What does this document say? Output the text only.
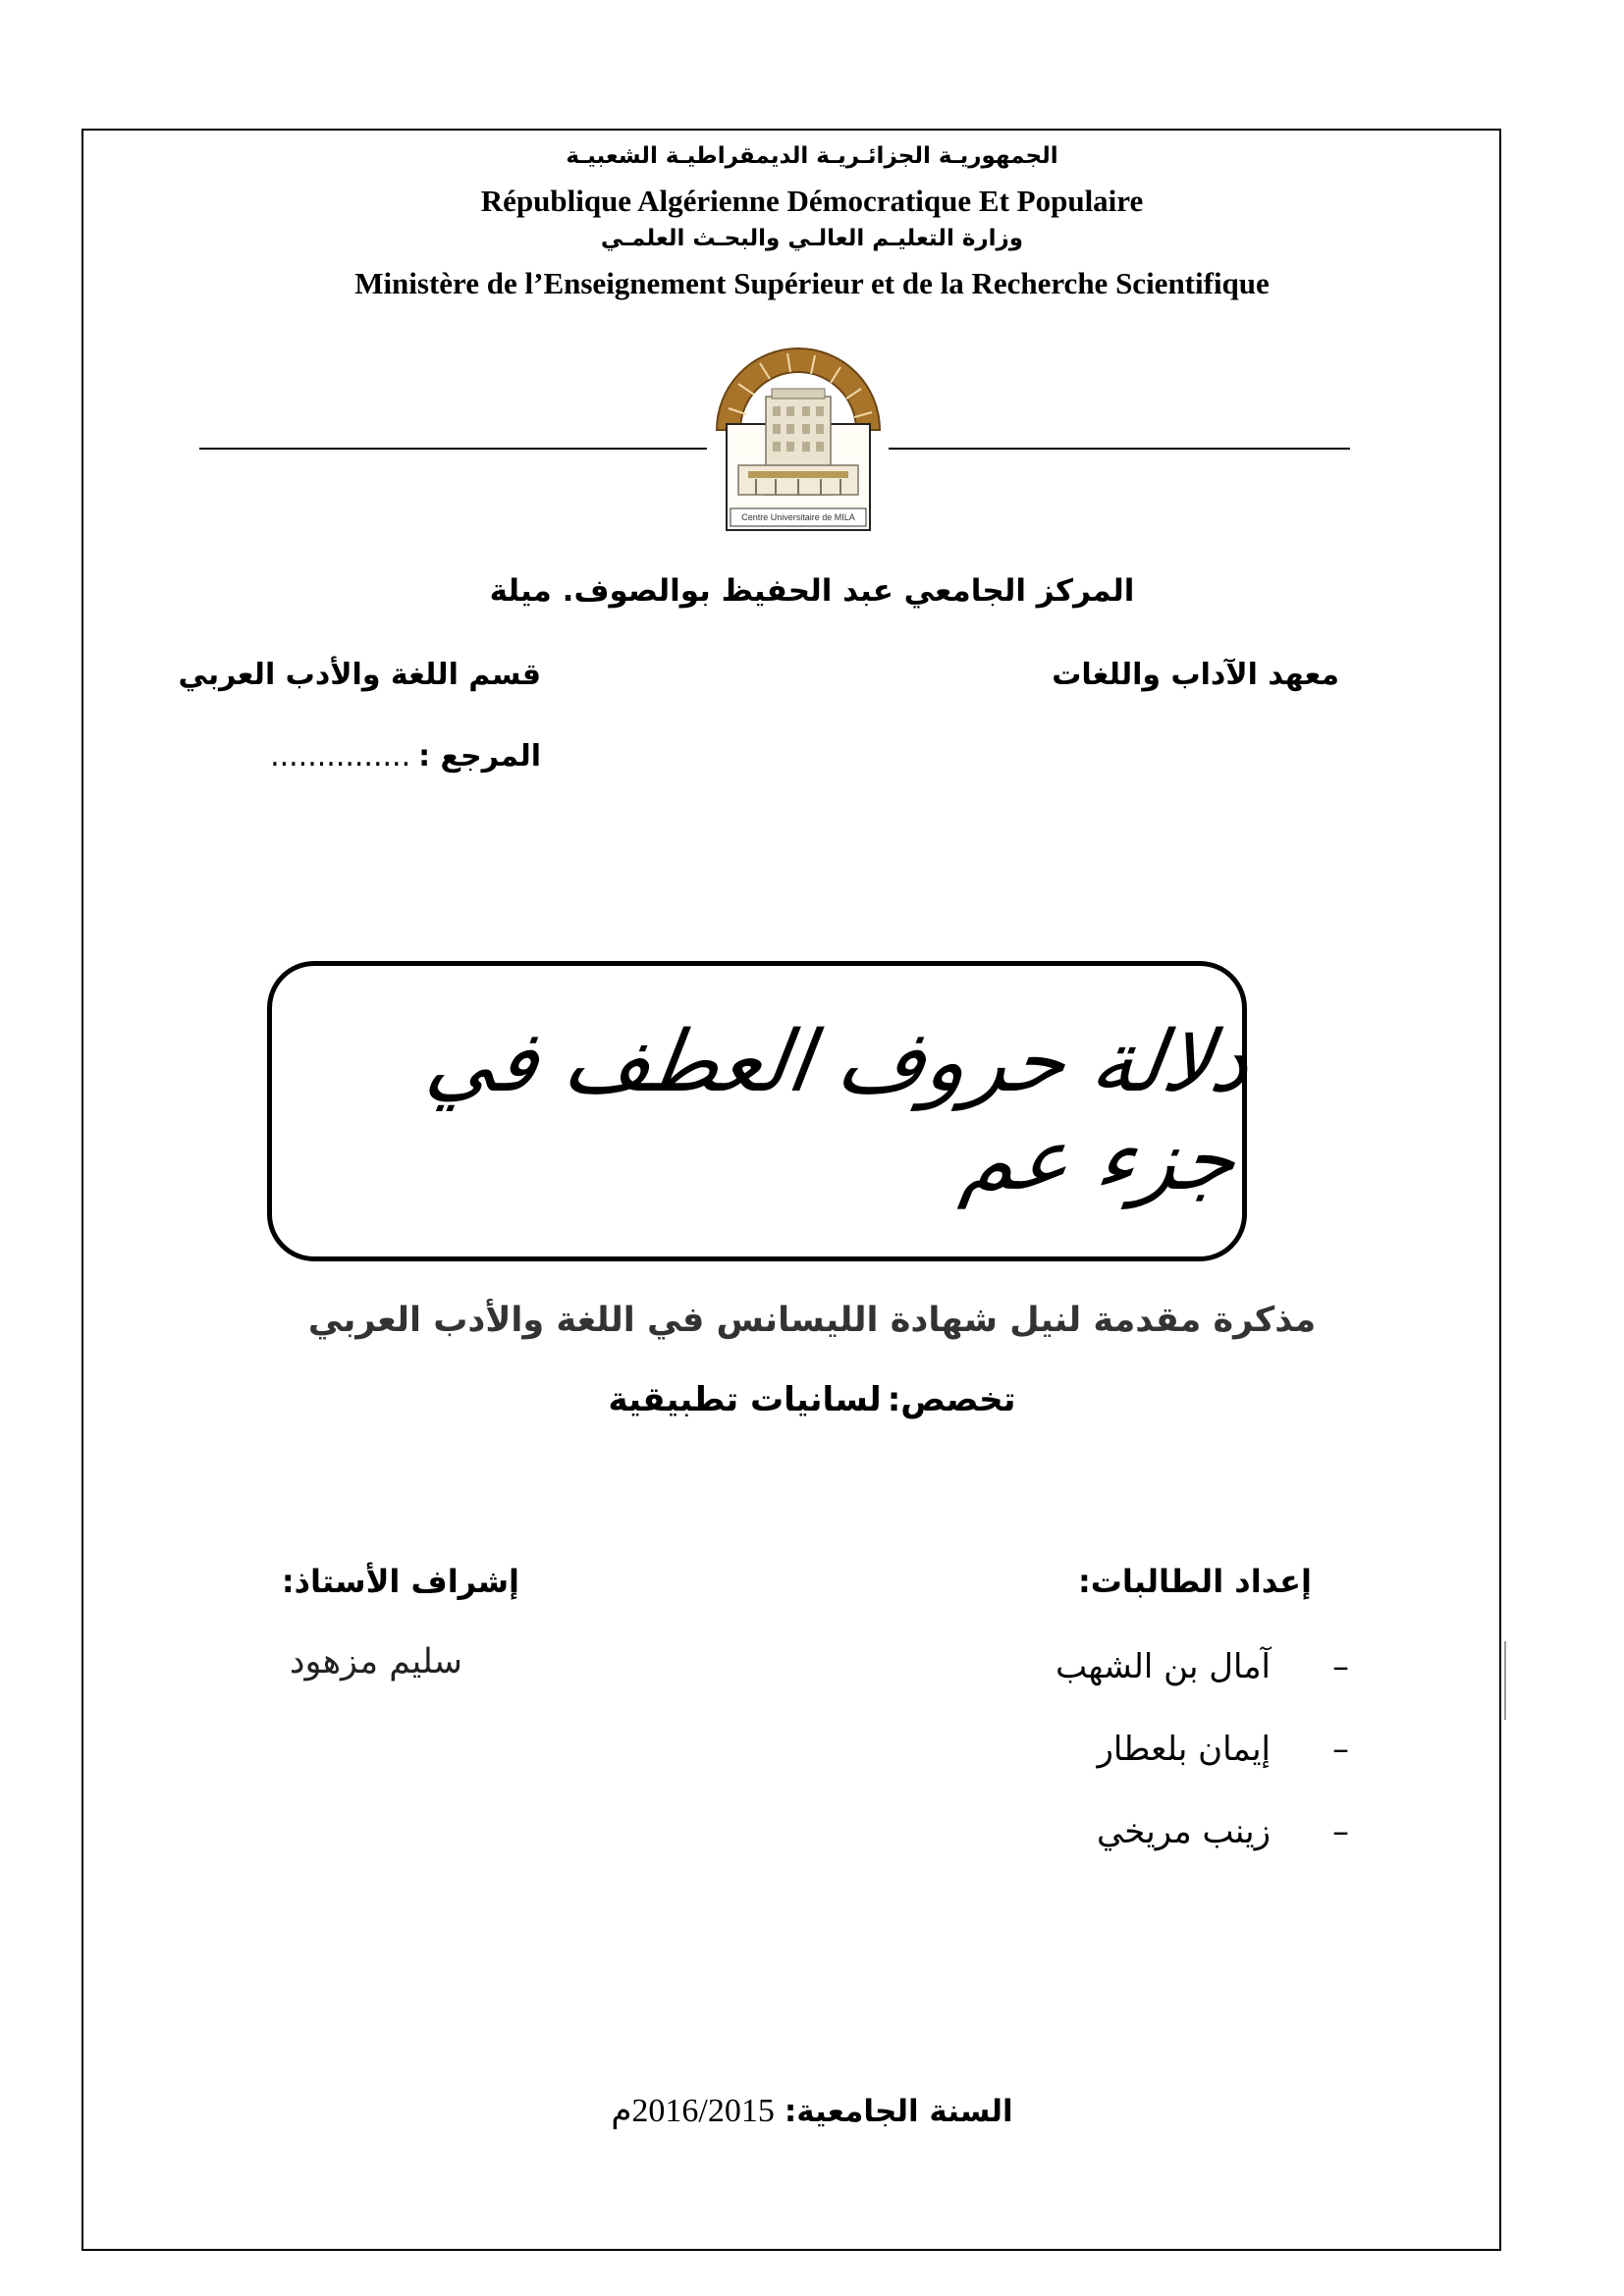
الجمهوريـة الجزائـريـة الديمقراطيـة الشعبيـة
République Algérienne Démocratique Et Populaire
وزارة التعليـم العالـي والبحـث العلمـي
Ministère de l’Enseignement Supérieur et de la Recherche Scientifique
Centre Universitaire de MILA
المركز الجامعي عبد الحفيظ بوالصوف. ميلة
معهد الآداب واللغات
قسم اللغة والأدب العربي
المرجع :...............
دلالة حروف العطف في جزء عم
مذكرة مقدمة لنيل شهادة الليسانس في اللغة والأدب العربي
تخصص:لسانيات تطبيقية
إعداد الطالبات:
إشراف الأستاذ:
–آمال بن الشهب
–إيمان بلعطار
–زينب مريخي
سليم مزهود
السنة الجامعية:2016/2015م
